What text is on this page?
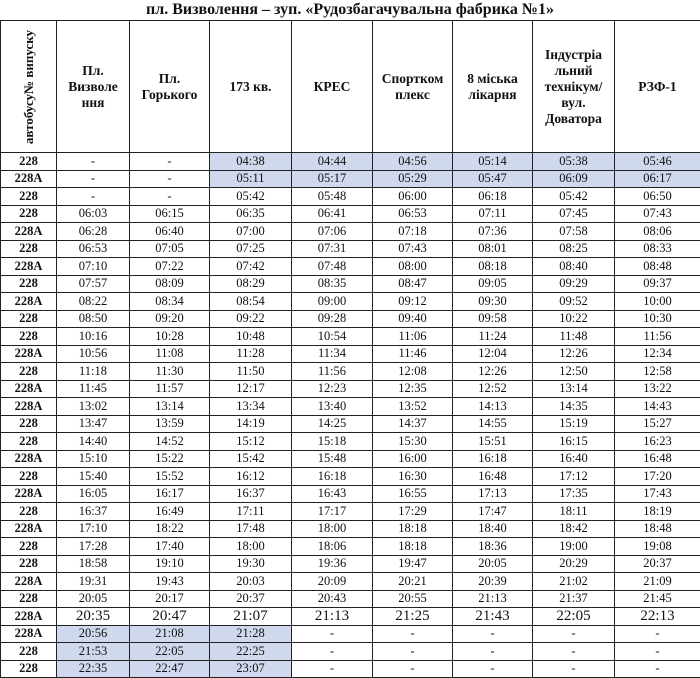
пл. Визволення – зуп. «Рудозбагачувальна фабрика №1»
автобусу№ випуску	Пл. Визволе ння	Пл. Горького	173 кв.	КРЕС	Спортком плекс	8 міська лікарня	Індустріа льний технікум/ вул. Доватора	РЗФ-1
228	-	-	04:38	04:44	04:56	05:14	05:38	05:46
228А	-	-	05:11	05:17	05:29	05:47	06:09	06:17
228	-	-	05:42	05:48	06:00	06:18	05:42	06:50
228	06:03	06:15	06:35	06:41	06:53	07:11	07:45	07:43
228А	06:28	06:40	07:00	07:06	07:18	07:36	07:58	08:06
228	06:53	07:05	07:25	07:31	07:43	08:01	08:25	08:33
228А	07:10	07:22	07:42	07:48	08:00	08:18	08:40	08:48
228	07:57	08:09	08:29	08:35	08:47	09:05	09:29	09:37
228А	08:22	08:34	08:54	09:00	09:12	09:30	09:52	10:00
228	08:50	09:20	09:22	09:28	09:40	09:58	10:22	10:30
228	10:16	10:28	10:48	10:54	11:06	11:24	11:48	11:56
228А	10:56	11:08	11:28	11:34	11:46	12:04	12:26	12:34
228	11:18	11:30	11:50	11:56	12:08	12:26	12:50	12:58
228А	11:45	11:57	12:17	12:23	12:35	12:52	13:14	13:22
228А	13:02	13:14	13:34	13:40	13:52	14:13	14:35	14:43
228	13:47	13:59	14:19	14:25	14:37	14:55	15:19	15:27
228	14:40	14:52	15:12	15:18	15:30	15:51	16:15	16:23
228А	15:10	15:22	15:42	15:48	16:00	16:18	16:40	16:48
228	15:40	15:52	16:12	16:18	16:30	16:48	17:12	17:20
228А	16:05	16:17	16:37	16:43	16:55	17:13	17:35	17:43
228	16:37	16:49	17:11	17:17	17:29	17:47	18:11	18:19
228А	17:10	18:22	17:48	18:00	18:18	18:40	18:42	18:48
228	17:28	17:40	18:00	18:06	18:18	18:36	19:00	19:08
228	18:58	19:10	19:30	19:36	19:47	20:05	20:29	20:37
228А	19:31	19:43	20:03	20:09	20:21	20:39	21:02	21:09
228	20:05	20:17	20:37	20:43	20:55	21:13	21:37	21:45
228А	20:35	20:47	21:07	21:13	21:25	21:43	22:05	22:13
228А	20:56	21:08	21:28	-	-	-	-	-
228	21:53	22:05	22:25	-	-	-	-	-
228	22:35	22:47	23:07	-	-	-	-	-
